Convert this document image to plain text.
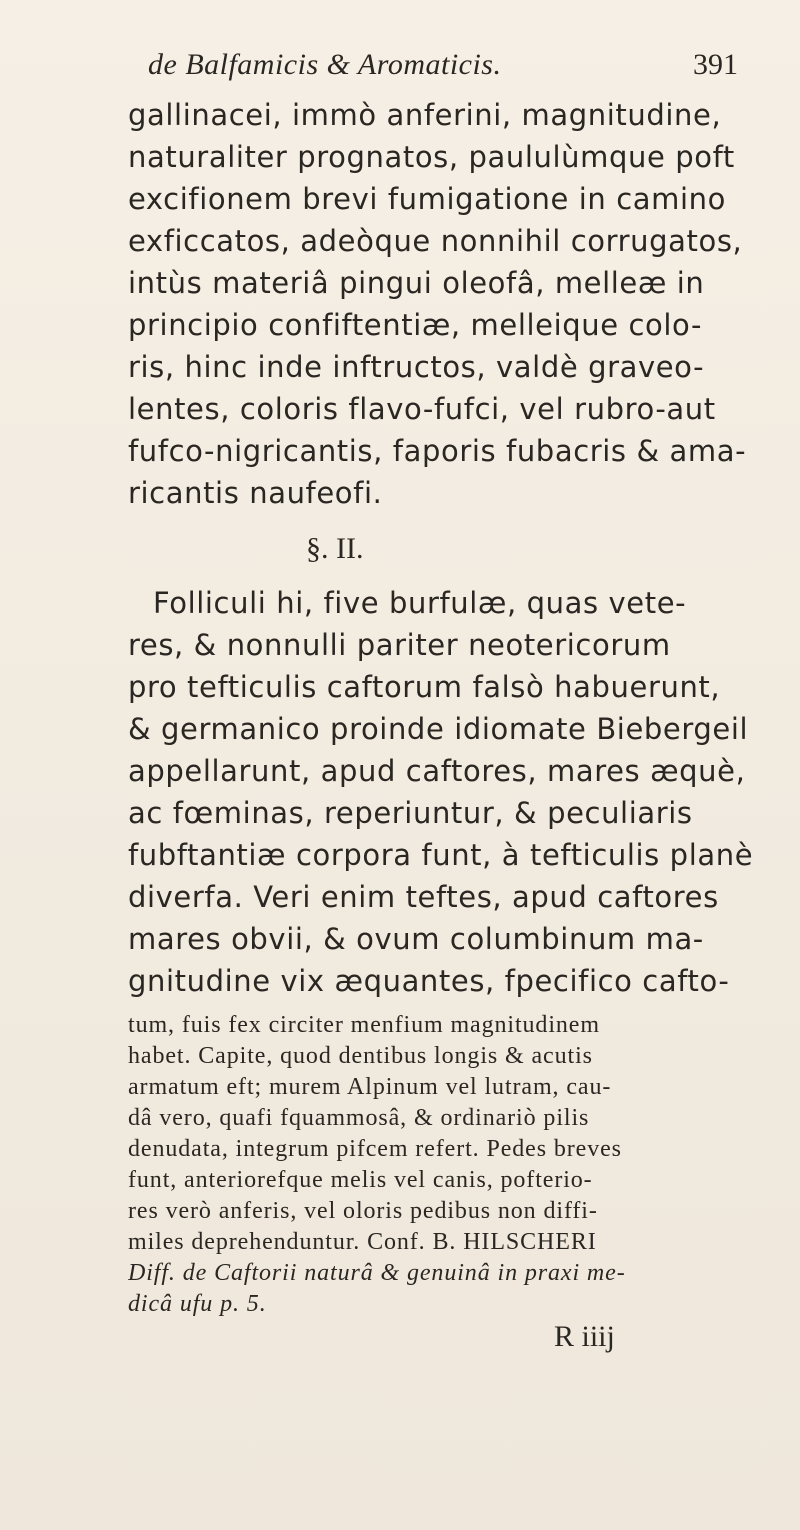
de Balfamicis & Aromaticis.	391
gallinacei, immò anferini, magnitudine,
naturaliter prognatos, paululùmque poft
excifionem brevi fumigatione in camino
exficcatos, adeòque nonnihil corrugatos,
intùs materiâ pingui oleofâ, melleæ in
principio confiftentiæ, melleique colo-
ris, hinc inde inftructos, valdè graveo-
lentes, coloris flavo-fufci, vel rubro-aut
fufco-nigricantis, faporis fubacris & ama-
ricantis naufeofi.
§. II.
Folliculi hi, five burfulæ, quas vete-
res, & nonnulli pariter neotericorum
pro tefticulis caftorum falsò habuerunt,
& germanico proinde idiomate Biebergeil
appellarunt, apud caftores, mares æquè,
ac fœminas, reperiuntur, & peculiaris
fubftantiæ corpora funt, à tefticulis planè
diverfa. Veri enim teftes, apud caftores
mares obvii, & ovum columbinum ma-
gnitudine vix æquantes, fpecifico cafto-
tum, fuis fex circiter menfium magnitudinem
habet. Capite, quod dentibus longis & acutis
armatum eft; murem Alpinum vel lutram, cau-
dâ vero, quafi fquammosâ, & ordinariò pilis
denudata, integrum pifcem refert. Pedes breves
funt, anteriorefque melis vel canis, pofterio-
res verò anferis, vel oloris pedibus non diffi-
miles deprehenduntur. Conf. B. HILSCHERI
Diff. de Caftorii naturâ & genuinâ in praxi me-
dicâ ufu p. 5.
R iiij
